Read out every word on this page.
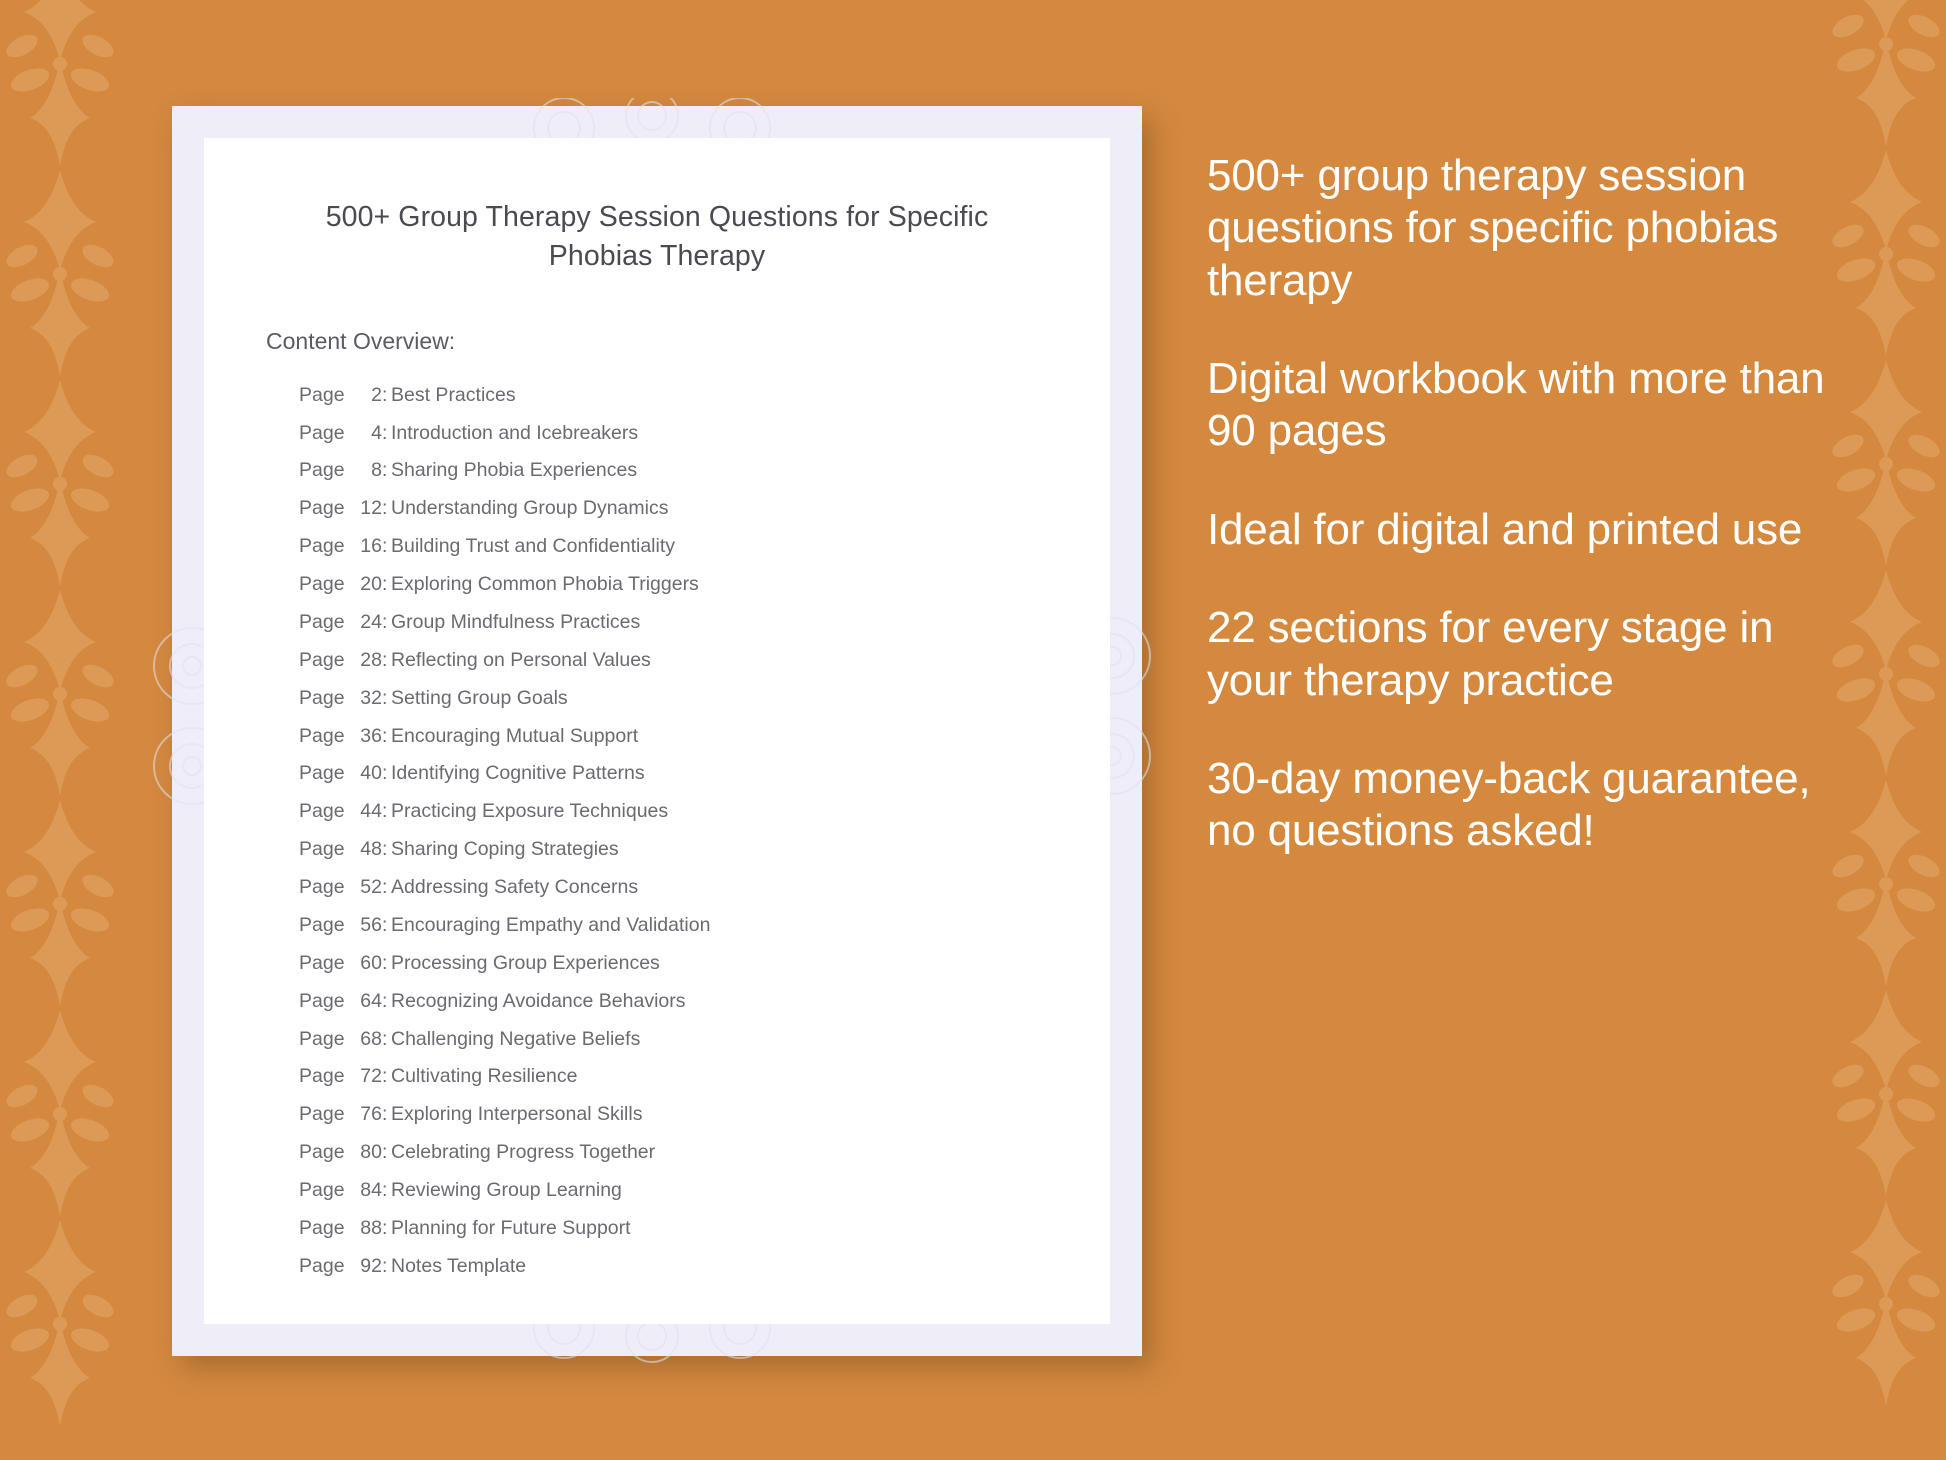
500+ Group Therapy Session Questions for Specific Phobias Therapy
Content Overview:
Page 2:
Best Practices
Page 4:
Introduction and Icebreakers
Page 8:
Sharing Phobia Experiences
Page 12:
Understanding Group Dynamics
Page 16:
Building Trust and Confidentiality
Page 20:
Exploring Common Phobia Triggers
Page 24:
Group Mindfulness Practices
Page 28:
Reflecting on Personal Values
Page 32:
Setting Group Goals
Page 36:
Encouraging Mutual Support
Page 40:
Identifying Cognitive Patterns
Page 44:
Practicing Exposure Techniques
Page 48:
Sharing Coping Strategies
Page 52:
Addressing Safety Concerns
Page 56:
Encouraging Empathy and Validation
Page 60:
Processing Group Experiences
Page 64:
Recognizing Avoidance Behaviors
Page 68:
Challenging Negative Beliefs
Page 72:
Cultivating Resilience
Page 76:
Exploring Interpersonal Skills
Page 80:
Celebrating Progress Together
Page 84:
Reviewing Group Learning
Page 88:
Planning for Future Support
Page 92:
Notes Template

500+ group therapy session questions for specific phobias therapy

Digital workbook with more than 90 pages

Ideal for digital and printed use

22 sections for every stage in your therapy practice

30-day money-back guarantee, no questions asked!
